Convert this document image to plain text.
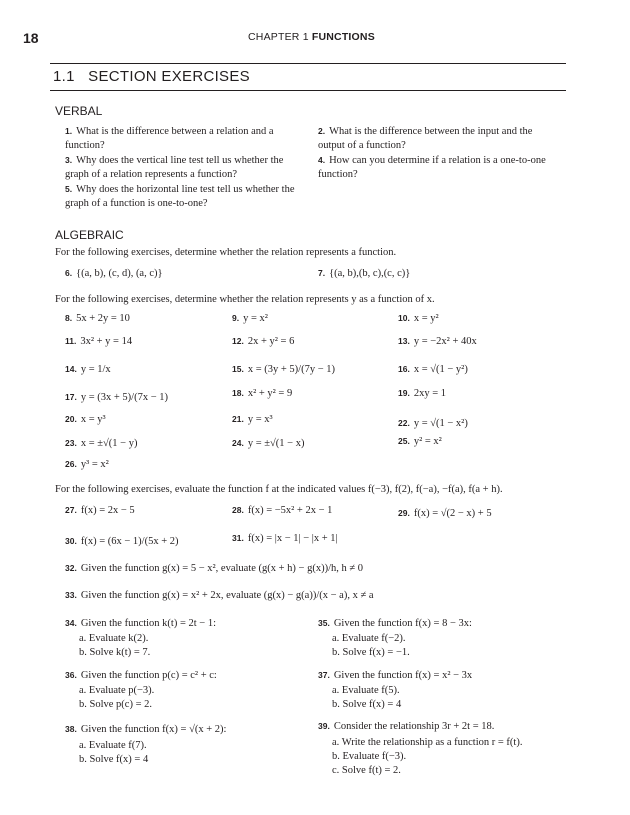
18	CHAPTER 1 FUNCTIONS
1.1 SECTION EXERCISES
VERBAL
1. What is the difference between a relation and a function?
2. What is the difference between the input and the output of a function?
3. Why does the vertical line test tell us whether the graph of a relation represents a function?
4. How can you determine if a relation is a one-to-one function?
5. Why does the horizontal line test tell us whether the graph of a function is one-to-one?
ALGEBRAIC
For the following exercises, determine whether the relation represents a function.
6. {(a, b), (c, d), (a, c)}	7. {(a, b),(b, c),(c, c)}
For the following exercises, determine whether the relation represents y as a function of x.
8. 5x + 2y = 10	9. y = x²	10. x = y²
11. 3x² + y = 14	12. 2x + y² = 6	13. y = −2x² + 40x
14. y = 1/x	15. x = (3y + 5)/(7y − 1)	16. x = √(1 − y²)
17. y = (3x + 5)/(7x − 1)	18. x² + y² = 9	19. 2xy = 1
20. x = y³	21. y = x³	22. y = √(1 − x²)
23. x = ±√(1 − y)	24. y = ±√(1 − x)	25. y² = x²
26. y³ = x²
For the following exercises, evaluate the function f at the indicated values f(−3), f(2), f(−a), −f(a), f(a + h).
27. f(x) = 2x − 5	28. f(x) = −5x² + 2x − 1	29. f(x) = √(2 − x) + 5
30. f(x) = (6x − 1)/(5x + 2)	31. f(x) = |x − 1| − |x + 1|
32. Given the function g(x) = 5 − x², evaluate (g(x + h) − g(x))/h, h ≠ 0
33. Given the function g(x) = x² + 2x, evaluate (g(x) − g(a))/(x − a), x ≠ a
34. Given the function k(t) = 2t − 1:
a. Evaluate k(2).
b. Solve k(t) = 7.
35. Given the function f(x) = 8 − 3x:
a. Evaluate f(−2).
b. Solve f(x) = −1.
36. Given the function p(c) = c² + c:
a. Evaluate p(−3).
b. Solve p(c) = 2.
37. Given the function f(x) = x² − 3x
a. Evaluate f(5).
b. Solve f(x) = 4
38. Given the function f(x) = √(x + 2):
a. Evaluate f(7).
b. Solve f(x) = 4
39. Consider the relationship 3r + 2t = 18.
a. Write the relationship as a function r = f(t).
b. Evaluate f(−3).
c. Solve f(t) = 2.
